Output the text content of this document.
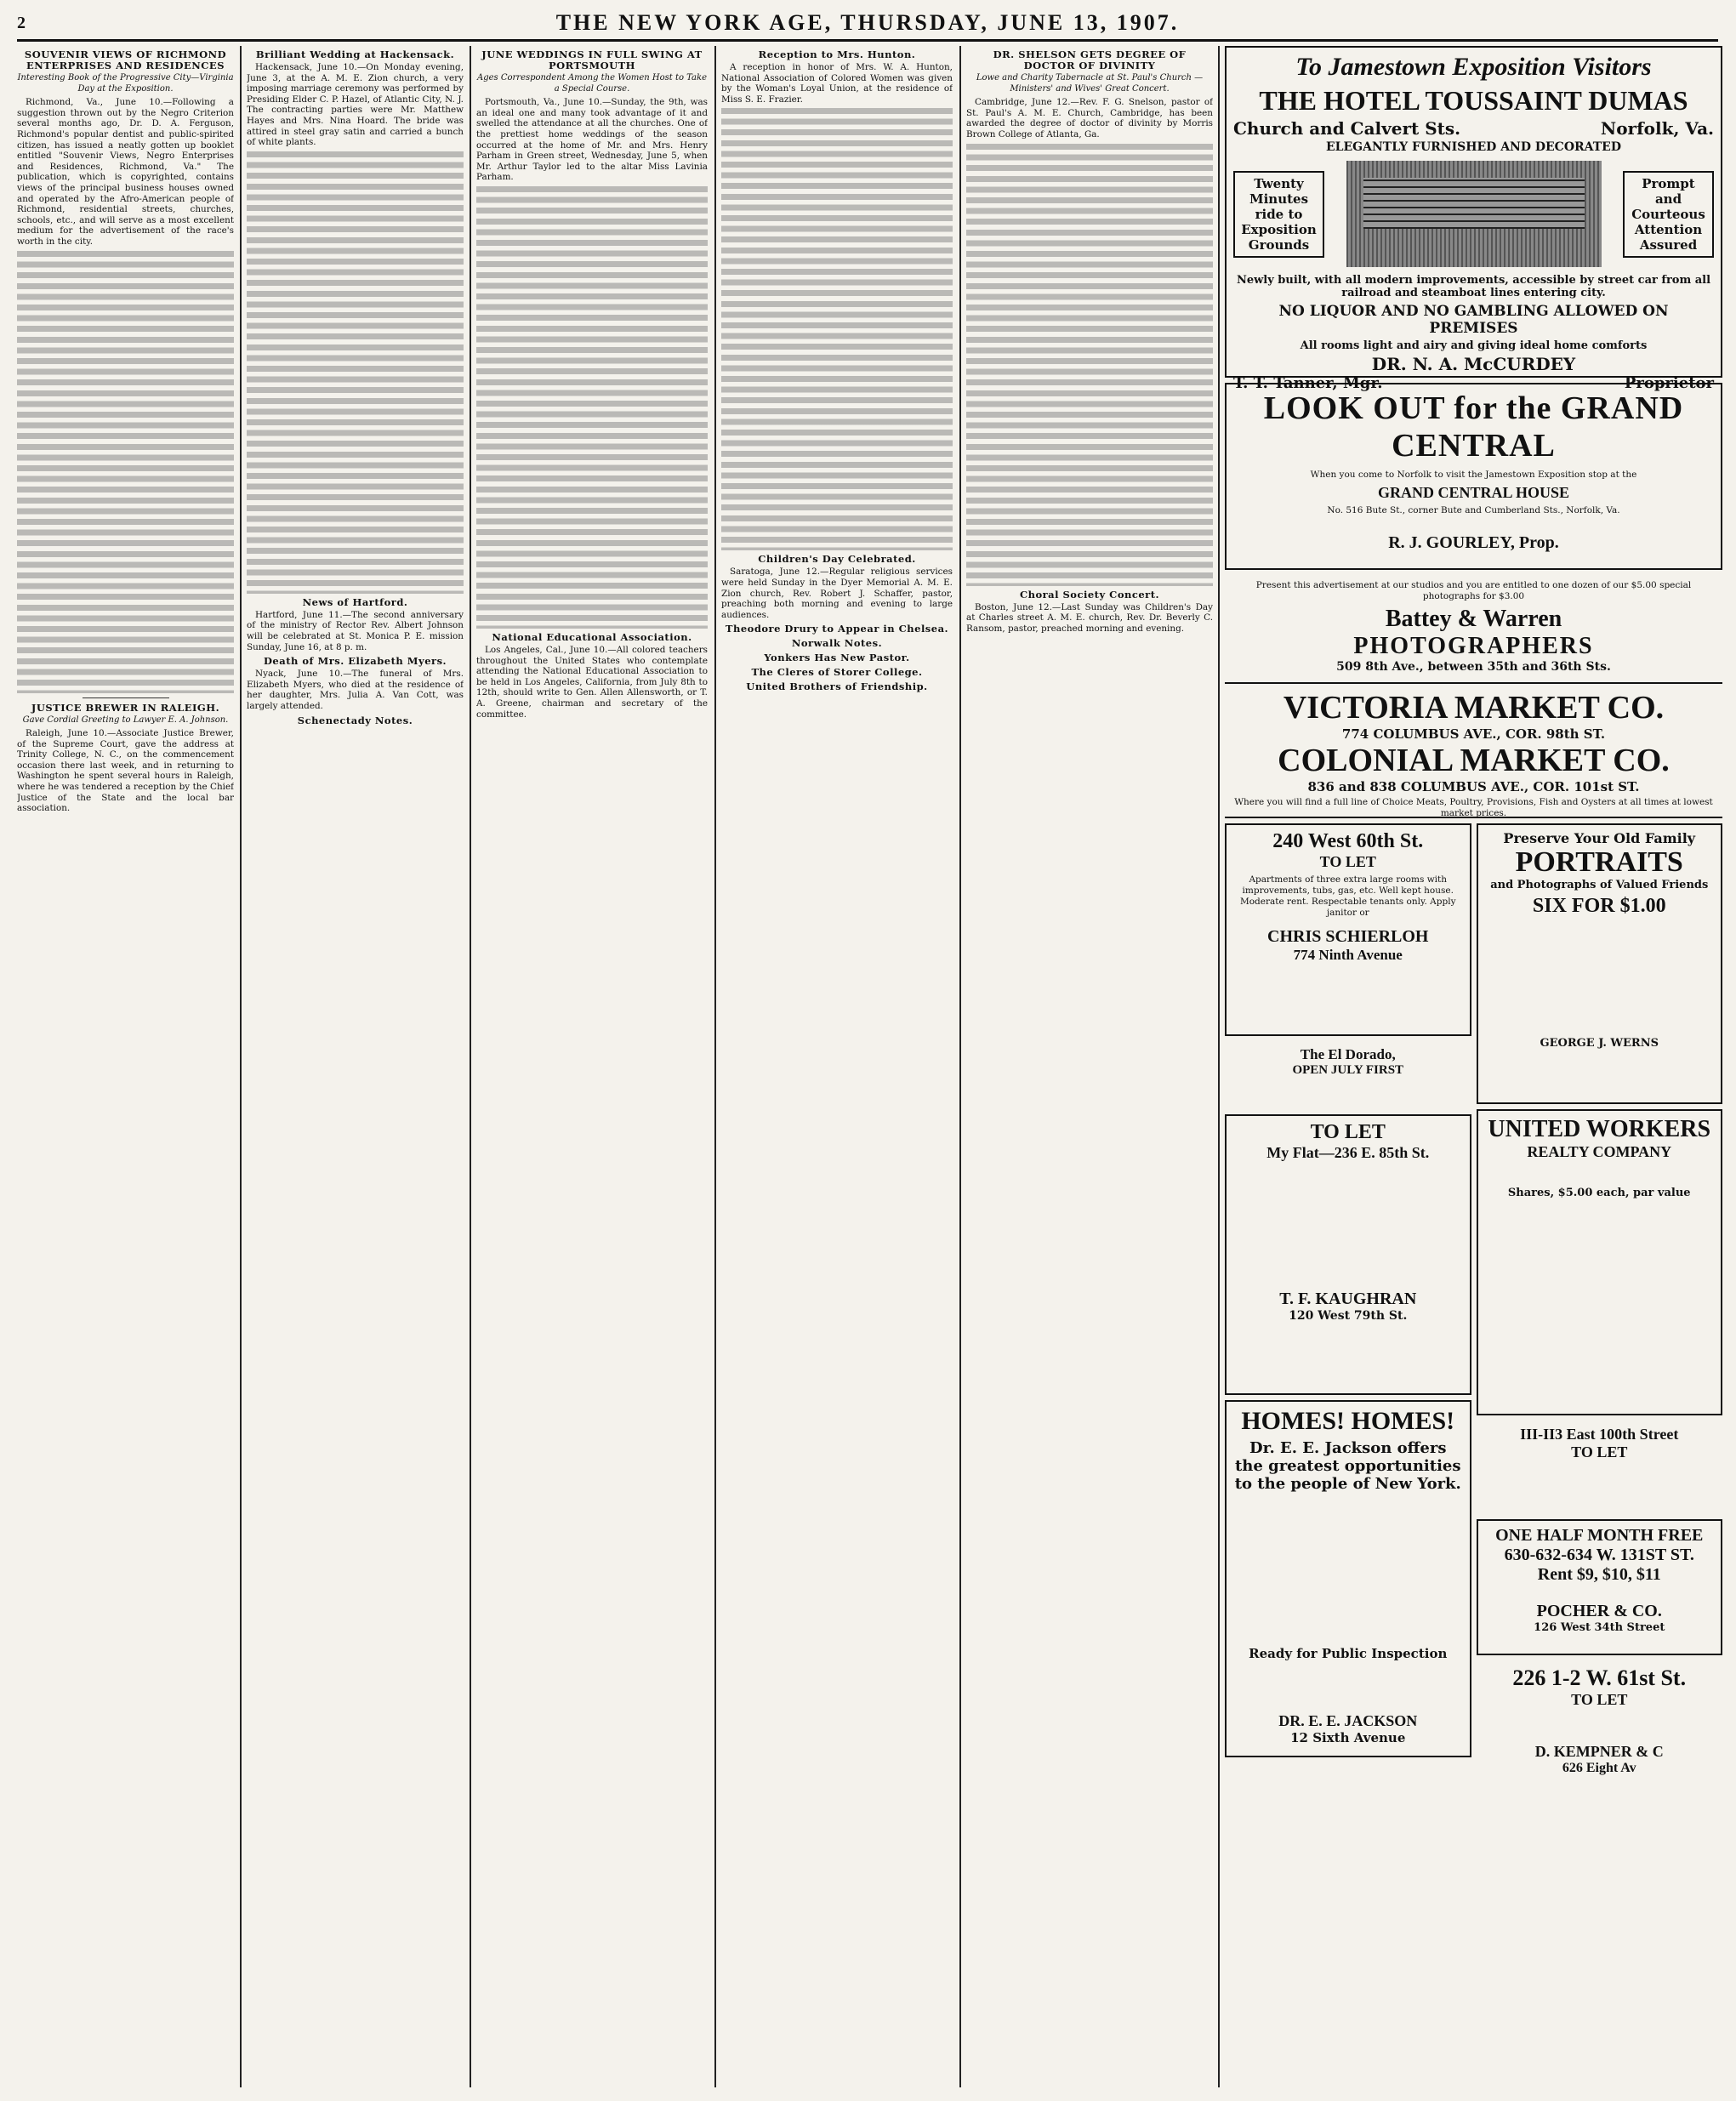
2	THE NEW YORK AGE, THURSDAY, JUNE 13, 1907.
SOUVENIR VIEWS OF RICHMOND ENTERPRISES AND RESIDENCES
Interesting Book of the Progressive City—Virginia Day at the Exposition.

Richmond, Va., June 10.—Following a suggestion thrown out by the Negro Criterion several months ago, Dr. D. A. Ferguson, Richmond's popular dentist and public-spirited citizen, has issued a neatly gotten up booklet entitled "Souvenir Views, Negro Enterprises and Residences, Richmond, Va." The publication, which is copyrighted, contains views of the principal business houses owned and operated by the Afro-American people of Richmond, residential streets, churches, schools, etc., and will serve as a most excellent medium for the advertisement of the race's worth in the city.

JUSTICE BREWER IN RALEIGH.
Gave Cordial Greeting to Lawyer E. A. Johnson.

Raleigh, June 10.—Associate Justice Brewer, of the Supreme Court, gave the address at Trinity College, N. C., on the commencement occasion there last week, and in returning to Washington he spent several hours in Raleigh, where he was tendered a reception by the Chief Justice of the State and the local bar association.

Brilliant Wedding at Hackensack.

Hackensack, June 10.—On Monday evening, June 3, at the A. M. E. Zion church, a very imposing marriage ceremony was performed by Presiding Elder C. P. Hazel, of Atlantic City, N. J. The contracting parties were Mr. Matthew Hayes and Mrs. Nina Hoard. The bride was attired in steel gray satin and carried a bunch of white plants.

News of Hartford.

Hartford, June 11.—The second anniversary of the ministry of Rector Rev. Albert Johnson will be celebrated at St. Monica P. E. mission Sunday, June 16, at 8 p. m.

Death of Mrs. Elizabeth Myers.

Nyack, June 10.—The funeral of Mrs. Elizabeth Myers, who died at the residence of her daughter, Mrs. Julia A. Van Cott, was largely attended.

Schenectady Notes.
JUNE WEDDINGS IN FULL SWING AT PORTSMOUTH
Ages Correspondent Among the Women Host to Take a Special Course.

Portsmouth, Va., June 10.—Sunday, the 9th, was an ideal one and many took advantage of it and swelled the attendance at all the churches. One of the prettiest home weddings of the season occurred at the home of Mr. and Mrs. Henry Parham in Green street, Wednesday, June 5, when Mr. Arthur Taylor led to the altar Miss Lavinia Parham.

National Educational Association.

Los Angeles, Cal., June 10.—All colored teachers throughout the United States who contemplate attending the National Educational Association to be held in Los Angeles, California, from July 8th to 12th, should write to Gen. Allen Allensworth, or T. A. Greene, chairman and secretary of the committee.

Reception to Mrs. Hunton.

A reception in honor of Mrs. W. A. Hunton, National Association of Colored Women was given by the Woman's Loyal Union, at the residence of Miss S. E. Frazier.

Children's Day Celebrated.

Saratoga, June 12.—Regular religious services were held Sunday in the Dyer Memorial A. M. E. Zion church, Rev. Robert J. Schaffer, pastor, preaching both morning and evening to large audiences.

Theodore Drury to Appear in Chelsea.
Norwalk Notes.
Yonkers Has New Pastor.
The Cleres of Storer College.
United Brothers of Friendship.
DR. SHELSON GETS DEGREE OF DOCTOR OF DIVINITY
Lowe and Charity Tabernacle at St. Paul's Church — Ministers' and Wives' Great Concert.

Cambridge, June 12.—Rev. F. G. Snelson, pastor of St. Paul's A. M. E. Church, Cambridge, has been awarded the degree of doctor of divinity by Morris Brown College of Atlanta, Ga.

Choral Society Concert.

Boston, June 12.—Last Sunday was Children's Day at Charles street A. M. E. church, Rev. Dr. Beverly C. Ransom, pastor, preached morning and evening.

To Jamestown Exposition Visitors
THE HOTEL TOUSSAINT DUMAS
Church and Calvert Sts.	Norfolk, Va.
ELEGANTLY FURNISHED AND DECORATED
Twenty Minutes ride to Exposition Grounds
Prompt and Courteous Attention Assured
Newly built, with all modern improvements, accessible by street car from all railroad and steamboat lines entering city.
NO LIQUOR AND NO GAMBLING ALLOWED ON PREMISES
All rooms light and airy and giving ideal home comforts
DR. N. A. McCURDEY
T. T. Tanner, Mgr.	Proprietor
LOOK OUT for the GRAND CENTRAL
When you come to Norfolk to visit the Jamestown Exposition stop at the
GRAND CENTRAL HOUSE
No. 516 Bute St., corner Bute and Cumberland Sts., Norfolk, Va.
R. J. GOURLEY, Prop.
Present this advertisement at our studios and you are entitled to one dozen of our $5.00 special photographs for $3.00
Battey & Warren
PHOTOGRAPHERS
509 8th Ave., between 35th and 36th Sts.
VICTORIA MARKET CO.
774 COLUMBUS AVE., COR. 98th ST.
COLONIAL MARKET CO.
836 and 838 COLUMBUS AVE., COR. 101st ST.
Where you will find a full line of Choice Meats, Poultry, Provisions, Fish and Oysters at all times at lowest market prices.
240 West 60th St.
TO LET
Apartments of three extra large rooms with improvements, tubs, gas, etc. Well kept house. Moderate rent. Respectable tenants only. Apply janitor or
CHRIS SCHIERLOH
774 Ninth Avenue
The El Dorado,
OPEN JULY FIRST
TO LET
My Flat—236 E. 85th St.
T. F. KAUGHRAN
120 West 79th St.
HOMES! HOMES!
Dr. E. E. Jackson offers the greatest opportunities to the people of New York.
Ready for Public Inspection
DR. E. E. JACKSON
12 Sixth Avenue
Preserve Your Old Family
PORTRAITS
and Photographs of Valued Friends
SIX FOR $1.00
GEORGE J. WERNS
UNITED WORKERS
REALTY COMPANY
Shares, $5.00 each, par value
III-II3 East 100th Street
TO LET
ONE HALF MONTH FREE
630-632-634 W. 131ST ST.
Rent $9, $10, $11
POCHER & CO.
126 West 34th Street
226 1-2 W. 61st St.
TO LET
D. KEMPNER & C
626 Eight Av
